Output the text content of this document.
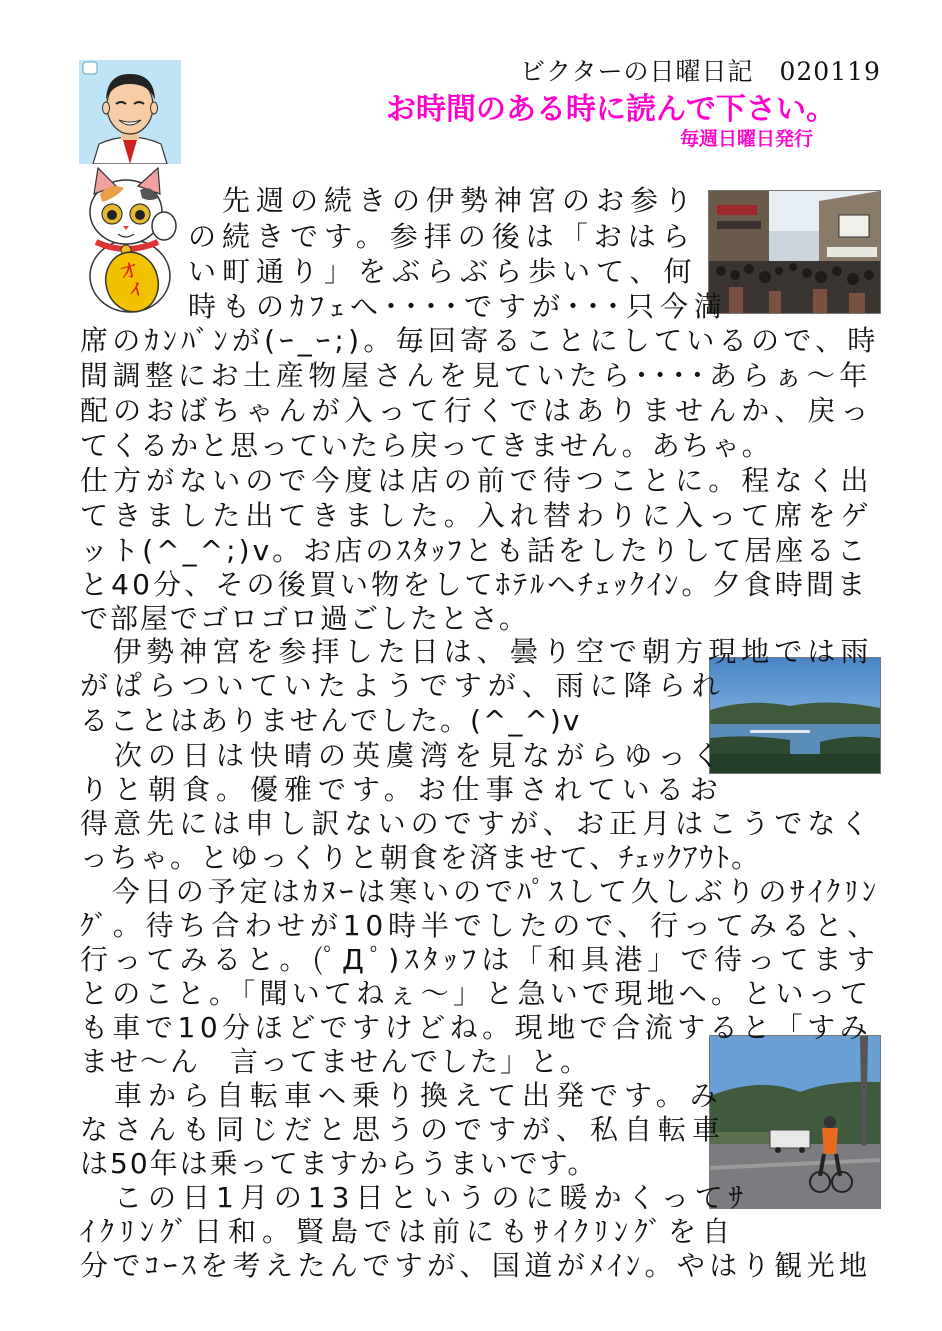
ビクターの日曜日記　020119
お時間のある時に読んで下さい。
毎週日曜日発行
才
イ
　先週の続きの伊勢神宮のお参り
の続きです。参拝の後は「おはら
い町通り」をぶらぶら歩いて、何
時ものｶﾌｪへ････ですが･･･只今満
席のｶﾝﾊﾞﾝが(ｰ_ｰ;)。毎回寄ることにしているので、時
間調整にお土産物屋さんを見ていたら････あらぁ～年
配のおばちゃんが入って行くではありませんか、戻っ
てくるかと思っていたら戻ってきません。あちゃ。
仕方がないので今度は店の前で待つことに。程なく出
てきました出てきました。入れ替わりに入って席をゲ
ット(^_^;)v。お店のｽﾀｯﾌとも話をしたりして居座るこ
と40分、その後買い物をしてﾎﾃﾙへﾁｪｯｸｲﾝ。夕食時間ま
で部屋でゴロゴロ過ごしたとさ。
　伊勢神宮を参拝した日は、曇り空で朝方現地では雨
がぱらついていたようですが、雨に降られ
ることはありませんでした。(^_^)v
　次の日は快晴の英虞湾を見ながらゆっく
りと朝食。優雅です。お仕事されているお
得意先には申し訳ないのですが、お正月はこうでなく
っちゃ。とゆっくりと朝食を済ませて、ﾁｪｯｸｱｳﾄ。
　今日の予定はｶﾇｰは寒いのでﾊﾟｽして久しぶりのｻｲｸﾘﾝ
ｸﾞ。待ち合わせが10時半でしたので、行ってみると、
行ってみると。(ﾟДﾟ)ｽﾀｯﾌは「和具港」で待ってます
とのこと。「聞いてねぇ～」と急いで現地へ。といって
も車で10分ほどですけどね。現地で合流すると「すみ
ませ～ん　言ってませんでした」と。
　車から自転車へ乗り換えて出発です。み
なさんも同じだと思うのですが、私自転車
は50年は乗ってますからうまいです。
　この日1月の13日というのに暖かくってｻ
ｲｸﾘﾝｸﾞ日和。賢島では前にもｻｲｸﾘﾝｸﾞを自
分でｺｰｽを考えたんですが、国道がﾒｲﾝ。やはり観光地
